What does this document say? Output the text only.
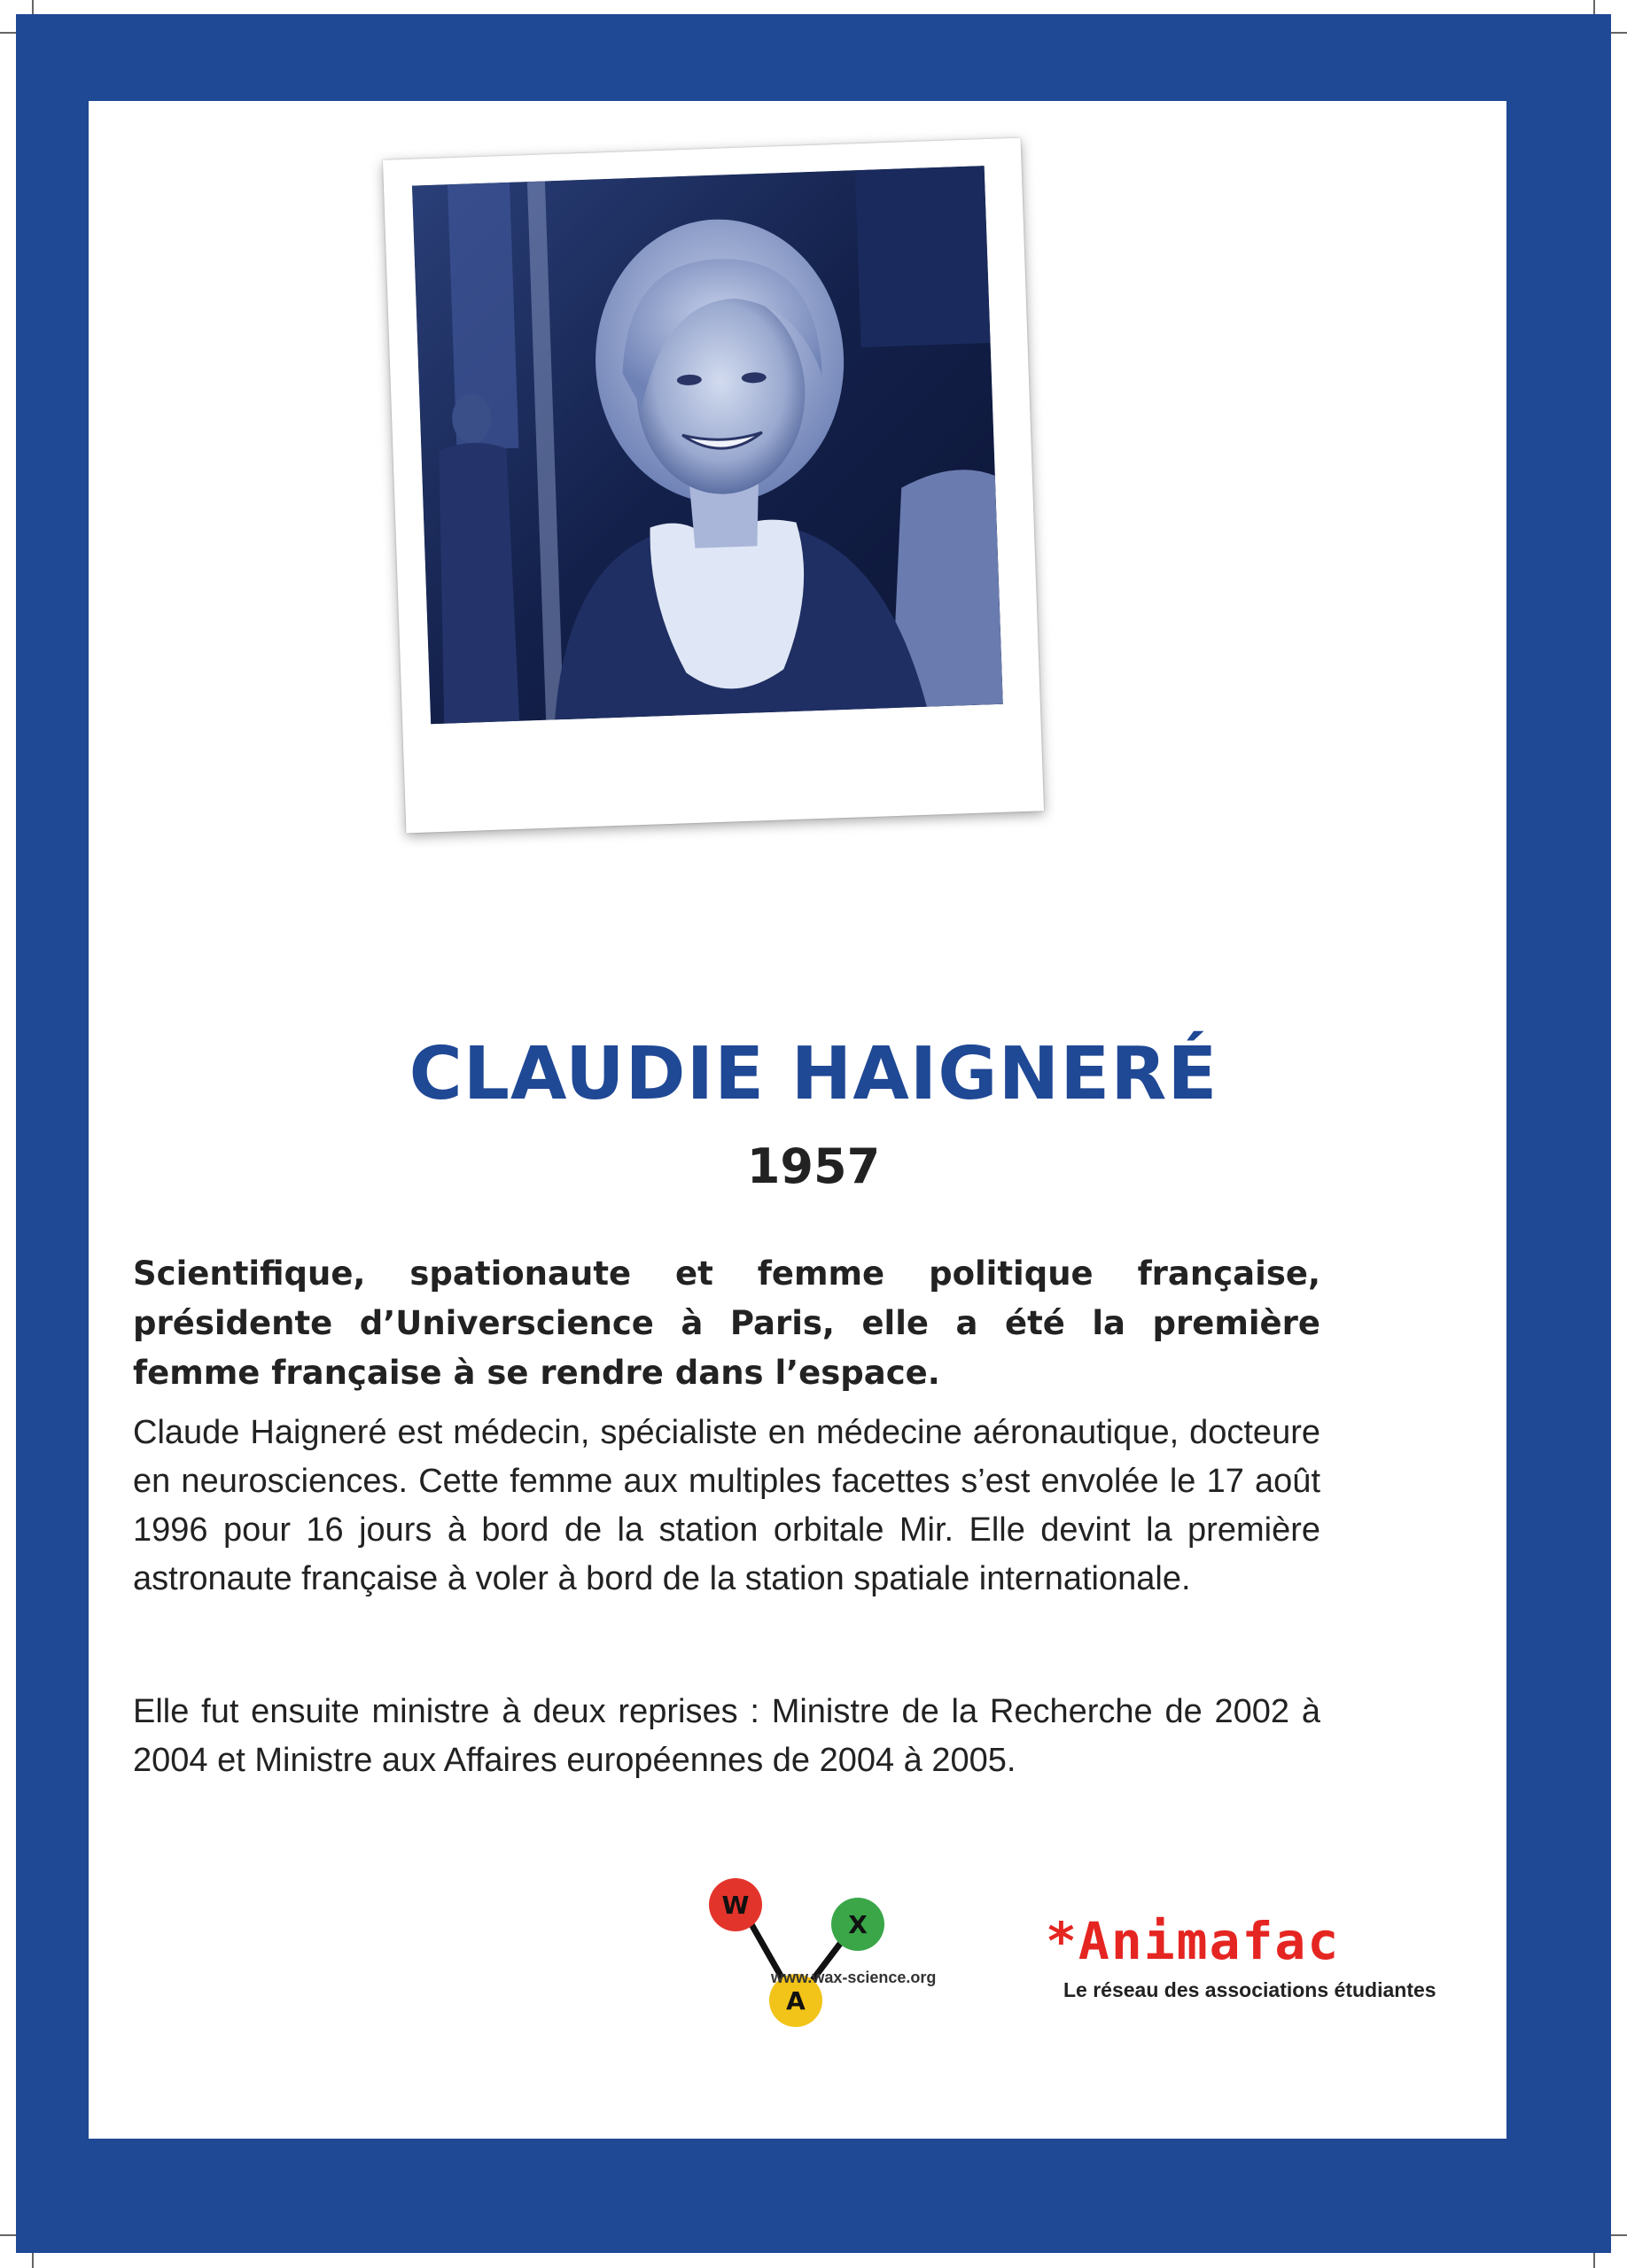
CLAUDIE HAIGNERÉ
1957
Scientifique, spationaute et femme politique française, présidente d’Universcience à Paris, elle a été la première femme française à se rendre dans l’espace.
Claude Haigneré est médecin, spécialiste en médecine aéronautique, docteure en neurosciences. Cette femme aux multiples facettes s’est envolée le 17 août 1996 pour 16 jours à bord de la station orbitale Mir. Elle devint la première astronaute française à voler à bord de la station spatiale internationale.
Elle fut ensuite ministre à deux reprises : Ministre de la Recherche de 2002 à 2004 et Ministre aux Affaires européennes de 2004 à 2005.
W
X
A
www.wax-science.org
*Animafac
Le réseau des associations étudiantes
